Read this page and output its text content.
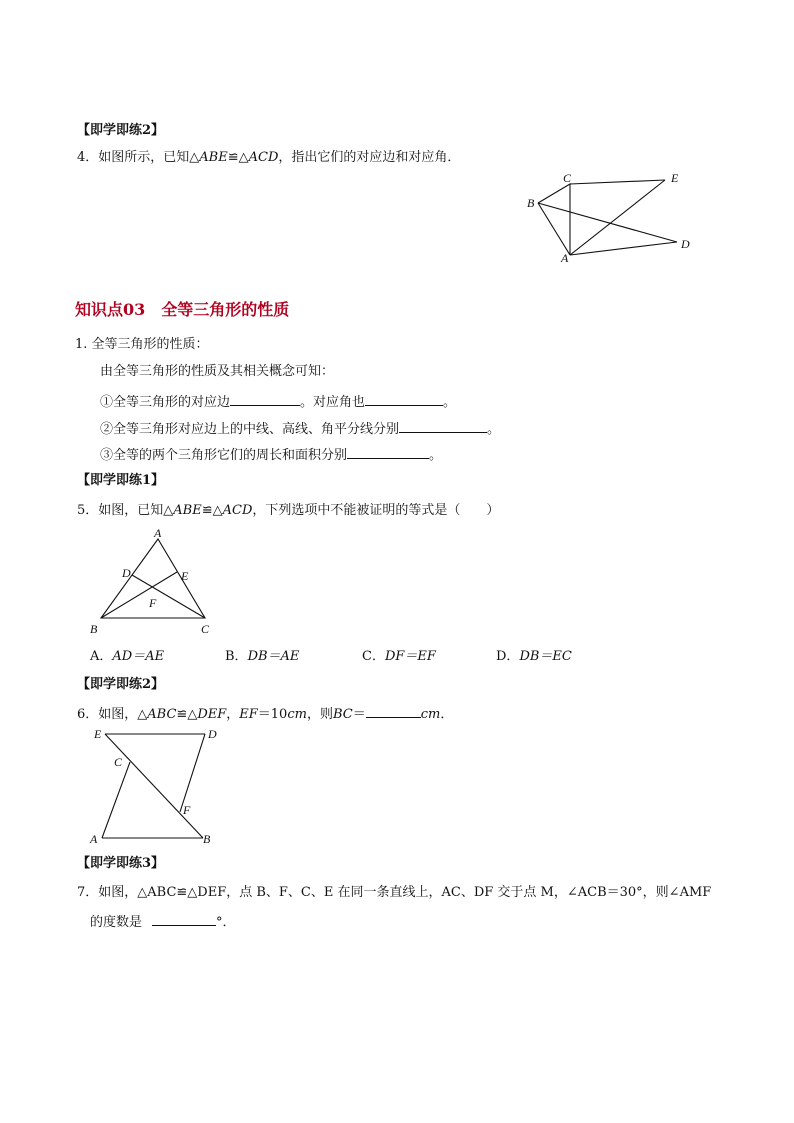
【即学即练2】
4．如图所示，已知△ABE≌△ACD，指出它们的对应边和对应角．
C	E
B
D
A
知识点03　全等三角形的性质
1. 全等三角形的性质：
由全等三角形的性质及其相关概念可知：
①全等三角形的对应边	。对应角也	。
②全等三角形对应边上的中线、高线、角平分线分别	。
③全等的两个三角形它们的周长和面积分别	。
【即学即练1】
5．如图，已知△ABE≌△ACD，下列选项中不能被证明的等式是（　　）
A
D	E
F
B	C
A．AD＝AE	B．DB＝AE	C．DF＝EF	D．DB＝EC
【即学即练2】
6．如图，△ABC≌△DEF，EF＝10cm，则BC＝	cm．
E	D
C
F
A	B
【即学即练3】
7．如图，△ABC≌△DEF，点 B、F、C、E 在同一条直线上，AC、DF 交于点 M，∠ACB＝30°，则∠AMF
的度数是	°．
